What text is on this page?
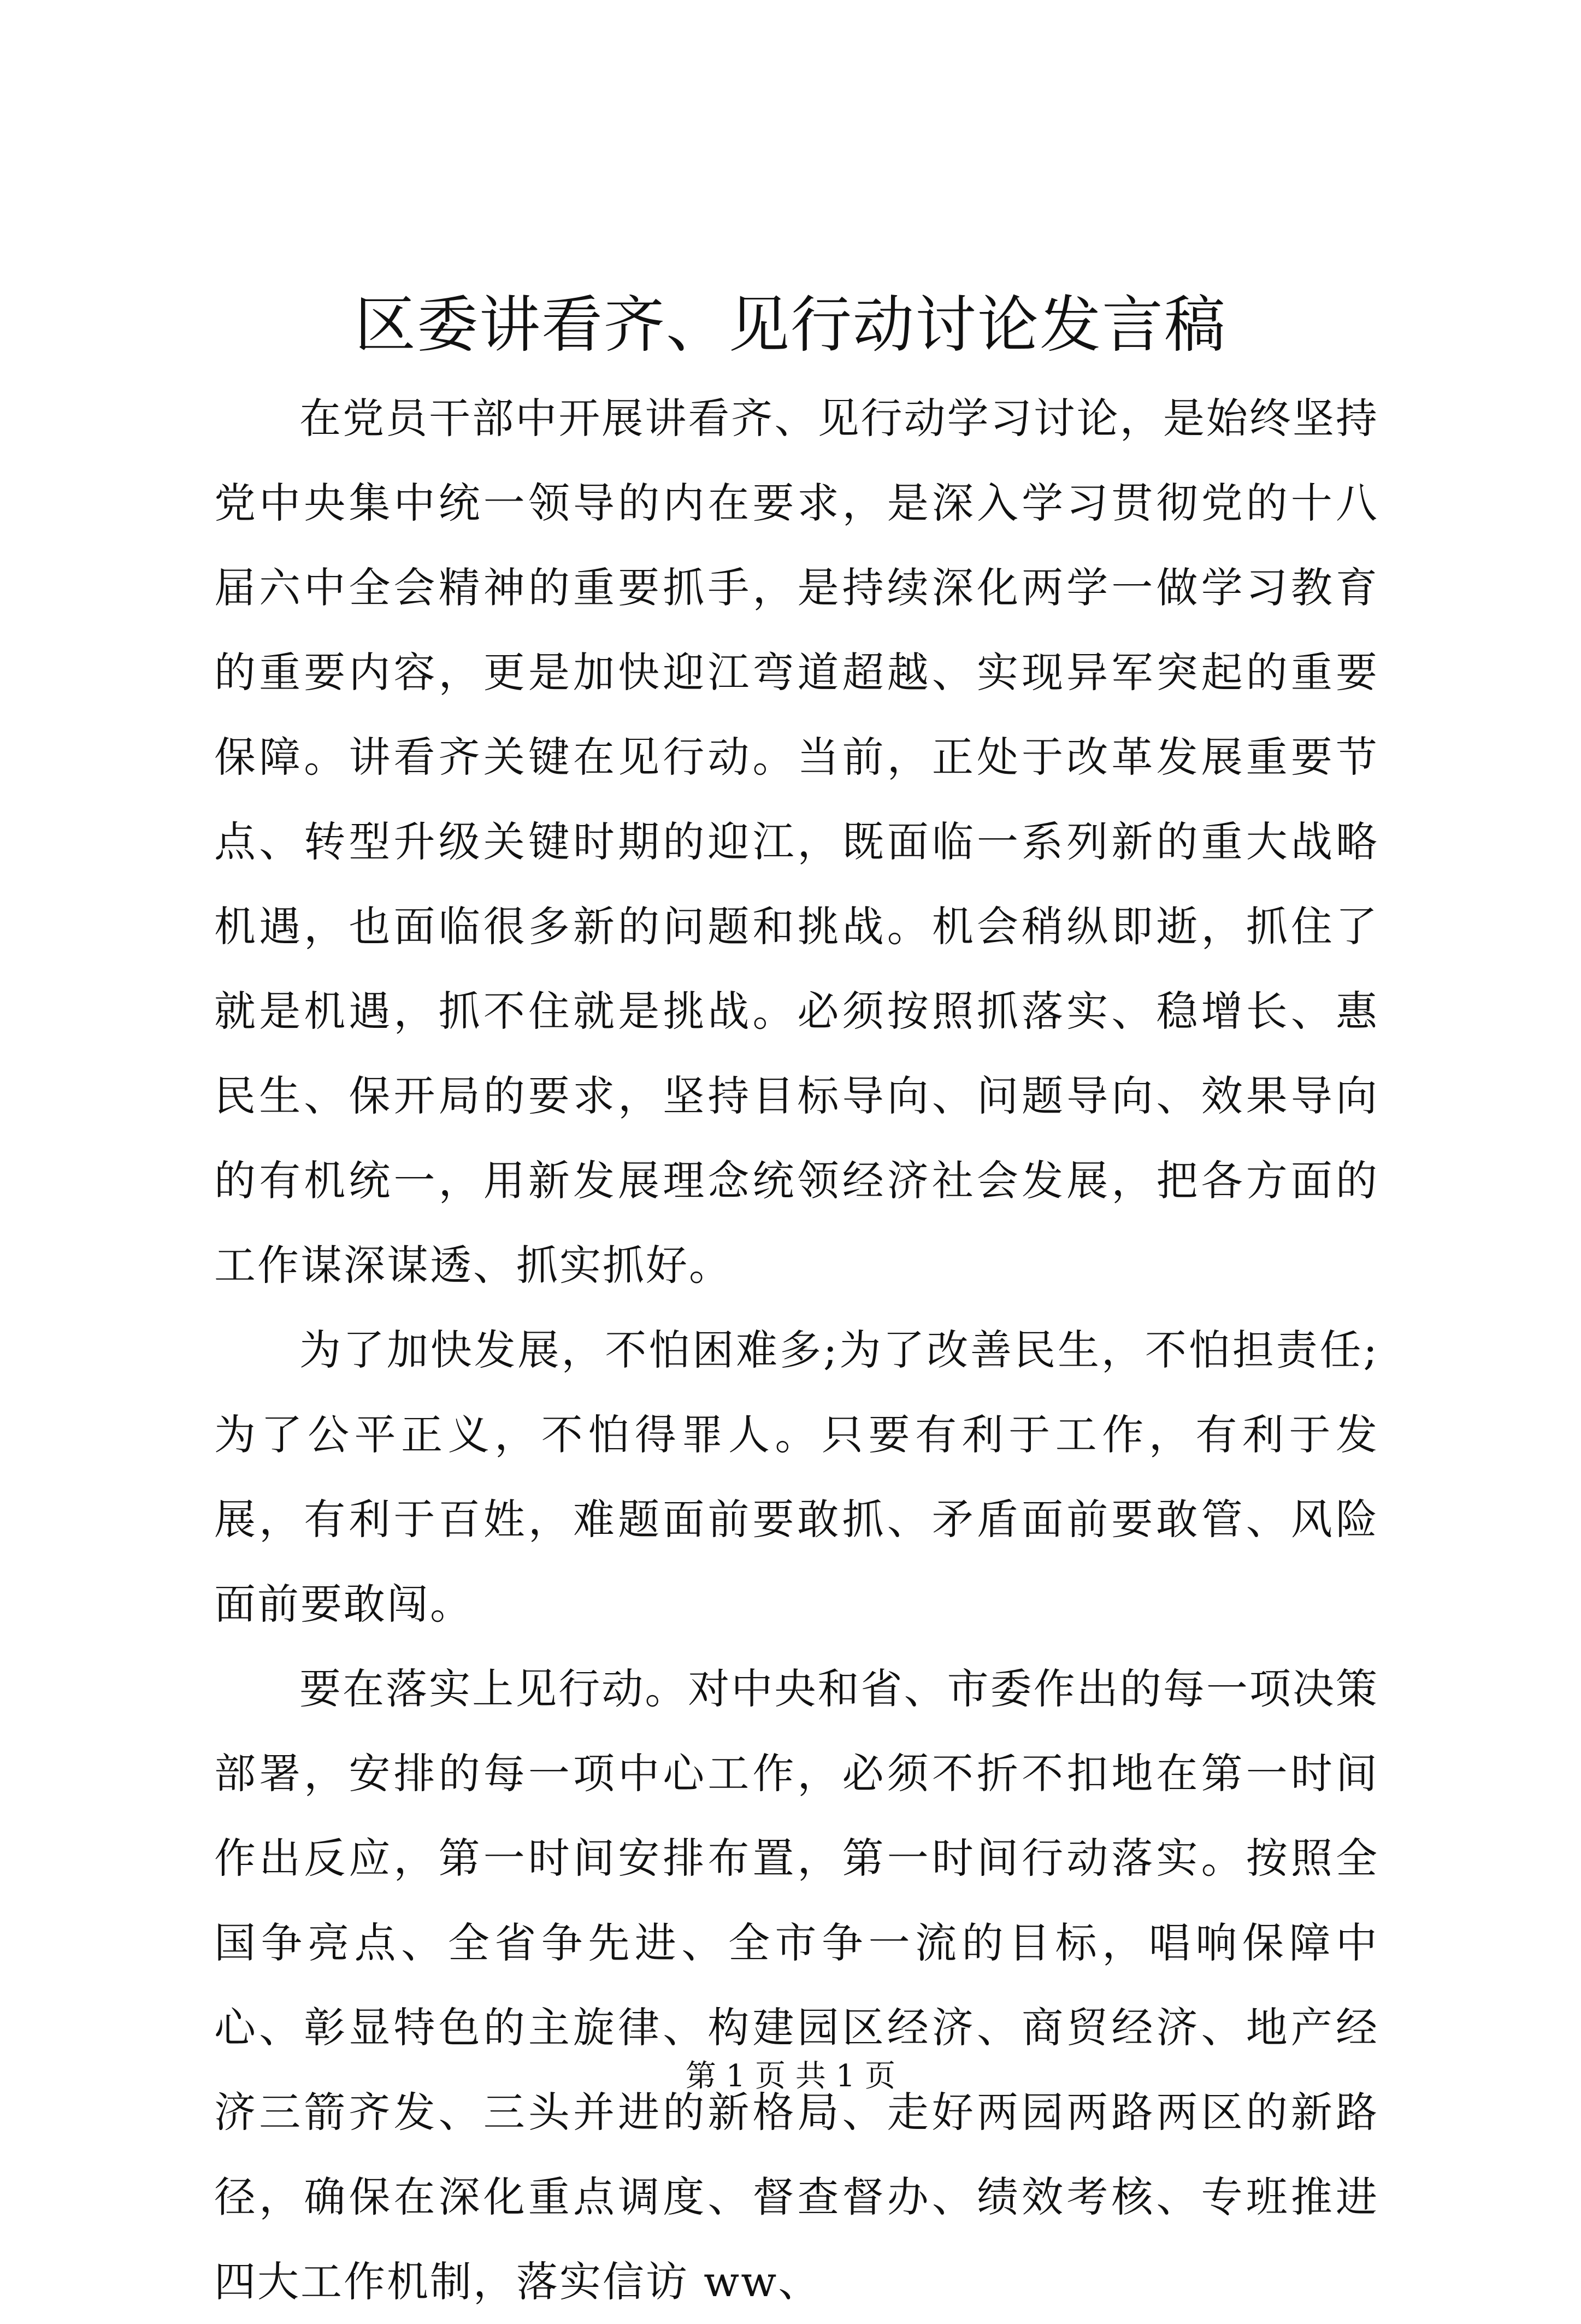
区委讲看齐、见行动讨论发言稿

在党员干部中开展讲看齐、见行动学习讨论，是始终坚持党中央集中统一领导的内在要求，是深入学习贯彻党的十八届六中全会精神的重要抓手，是持续深化两学一做学习教育的重要内容，更是加快迎江弯道超越、实现异军突起的重要保障。讲看齐关键在见行动。当前，正处于改革发展重要节点、转型升级关键时期的迎江，既面临一系列新的重大战略机遇，也面临很多新的问题和挑战。机会稍纵即逝，抓住了就是机遇，抓不住就是挑战。必须按照抓落实、稳增长、惠民生、保开局的要求，坚持目标导向、问题导向、效果导向的有机统一，用新发展理念统领经济社会发展，把各方面的工作谋深谋透、抓实抓好。

为了加快发展，不怕困难多;为了改善民生，不怕担责任;为了公平正义，不怕得罪人。只要有利于工作，有利于发展，有利于百姓，难题面前要敢抓、矛盾面前要敢管、风险面前要敢闯。

要在落实上见行动。对中央和省、市委作出的每一项决策部署，安排的每一项中心工作，必须不折不扣地在第一时间作出反应，第一时间安排布置，第一时间行动落实。按照全国争亮点、全省争先进、全市争一流的目标，唱响保障中心、彰显特色的主旋律、构建园区经济、商贸经济、地产经济三箭齐发、三头并进的新格局、走好两园两路两区的新路径，确保在深化重点调度、督查督办、绩效考核、专班推进四大工作机制，落实信访 ww、

第 1 页 共 1 页
